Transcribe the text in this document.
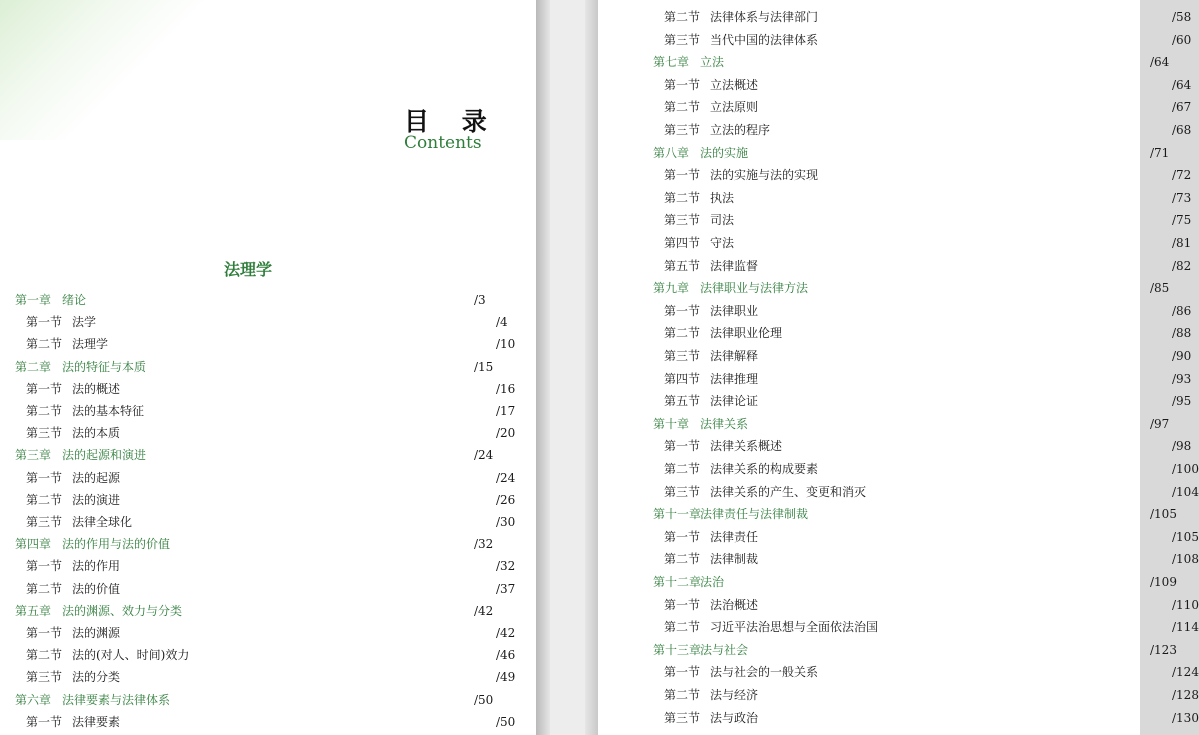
目 录
Contents
法理学
第一章 绪论	/3
第一节 法学	/4
第二节 法理学	/10
第二章 法的特征与本质	/15
第一节 法的概述	/16
第二节 法的基本特征	/17
第三节 法的本质	/20
第三章 法的起源和演进	/24
第一节 法的起源	/24
第二节 法的演进	/26
第三节 法律全球化	/30
第四章 法的作用与法的价值	/32
第一节 法的作用	/32
第二节 法的价值	/37
第五章 法的渊源、效力与分类	/42
第一节 法的渊源	/42
第二节 法的(对人、时间)效力	/46
第三节 法的分类	/49
第六章 法律要素与法律体系	/50
第一节 法律要素	/50
第二节 法律体系与法律部门	/58
第三节 当代中国的法律体系	/60
第七章 立法	/64
第一节 立法概述	/64
第二节 立法原则	/67
第三节 立法的程序	/68
第八章 法的实施	/71
第一节 法的实施与法的实现	/72
第二节 执法	/73
第三节 司法	/75
第四节 守法	/81
第五节 法律监督	/82
第九章 法律职业与法律方法	/85
第一节 法律职业	/86
第二节 法律职业伦理	/88
第三节 法律解释	/90
第四节 法律推理	/93
第五节 法律论证	/95
第十章 法律关系	/97
第一节 法律关系概述	/98
第二节 法律关系的构成要素	/100
第三节 法律关系的产生、变更和消灭	/104
第十一章法律责任与法律制裁	/105
第一节 法律责任	/105
第二节 法律制裁	/108
第十二章法治	/109
第一节 法治概述	/110
第二节 习近平法治思想与全面依法治国	/114
第十三章法与社会	/123
第一节 法与社会的一般关系	/124
第二节 法与经济	/128
第三节 法与政治	/130
